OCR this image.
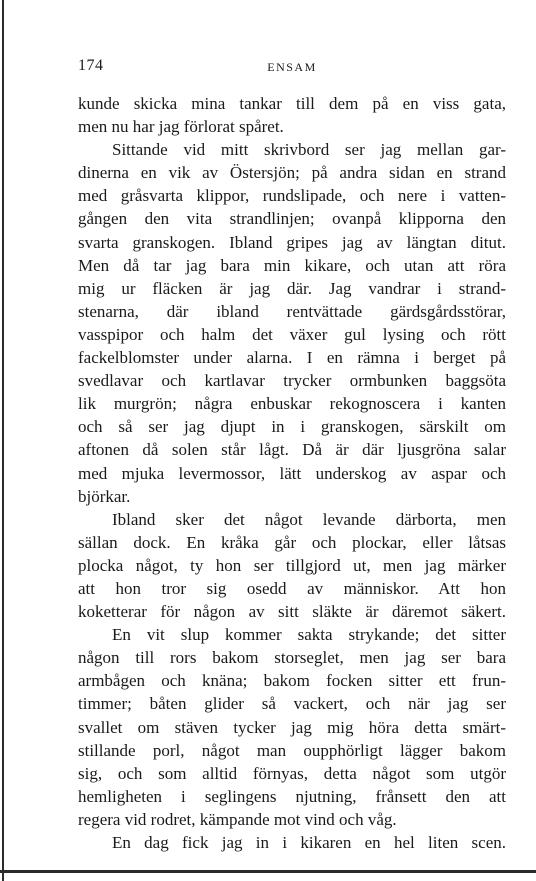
174	ENSAM
kunde skicka mina tankar till dem på en viss gata,
men nu har jag förlorat spåret.
Sittande vid mitt skrivbord ser jag mellan gar-
dinerna en vik av Östersjön; på andra sidan en strand
med gråsvarta klippor, rundslipade, och nere i vatten-
gången den vita strandlinjen; ovanpå klipporna den
svarta granskogen. Ibland gripes jag av längtan ditut.
Men då tar jag bara min kikare, och utan att röra
mig ur fläcken är jag där. Jag vandrar i strand-
stenarna, där ibland rentvättade gärdsgårdsstörar,
vasspipor och halm det växer gul lysing och rött
fackelblomster under alarna. I en rämna i berget på
svedlavar och kartlavar trycker ormbunken baggsöta
lik murgrön; några enbuskar rekognoscera i kanten
och så ser jag djupt in i granskogen, särskilt om
aftonen då solen står lågt. Då är där ljusgröna salar
med mjuka levermossor, lätt underskog av aspar och
björkar.
Ibland sker det något levande därborta, men
sällan dock. En kråka går och plockar, eller låtsas
plocka något, ty hon ser tillgjord ut, men jag märker
att hon tror sig osedd av människor. Att hon
koketterar för någon av sitt släkte är däremot säkert.
En vit slup kommer sakta strykande; det sitter
någon till rors bakom storseglet, men jag ser bara
armbågen och knäna; bakom focken sitter ett frun-
timmer; båten glider så vackert, och när jag ser
svallet om stäven tycker jag mig höra detta smärt-
stillande porl, något man oupphörligt lägger bakom
sig, och som alltid förnyas, detta något som utgör
hemligheten i seglingens njutning, frånsett den att
regera vid rodret, kämpande mot vind och våg.
En dag fick jag in i kikaren en hel liten scen.
